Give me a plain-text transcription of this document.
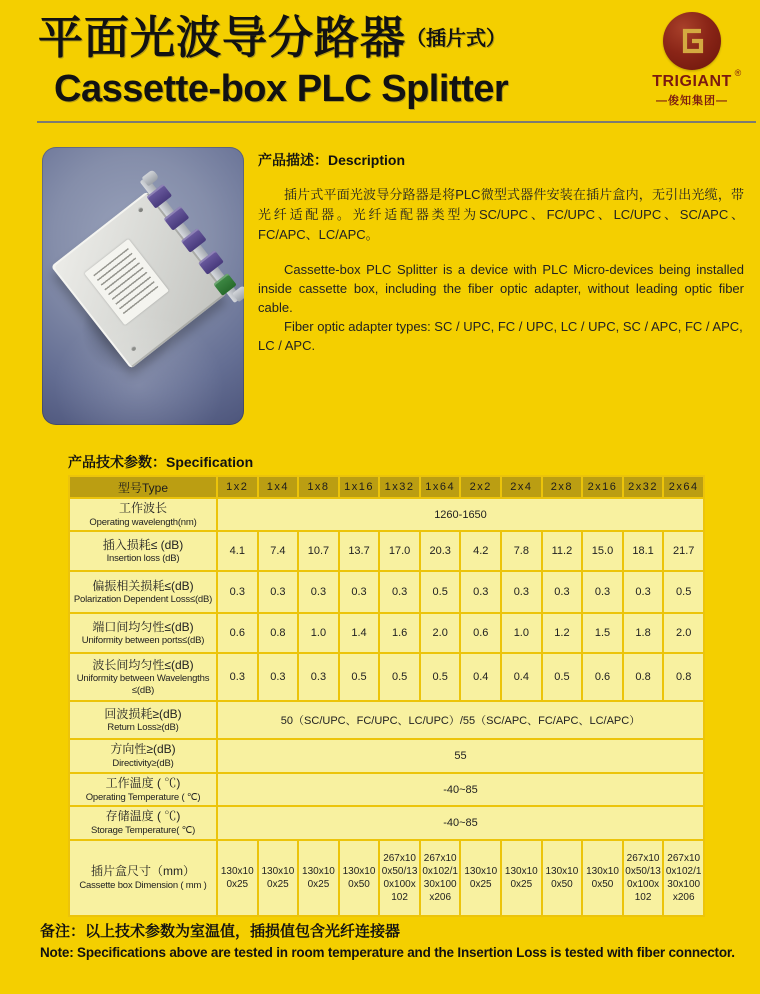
平面光波导分路器（插片式）
Cassette-box PLC Splitter	TRIGIANT ®
—俊知集团—
产品描述：Description

插片式平面光波导分路器是将PLC微型式器件安装在插片盒内，无引出光缆，带光纤适配器。光纤适配器类型为SC/UPC、FC/UPC、LC/UPC、SC/APC、FC/APC、LC/APC。

Cassette-box PLC Splitter is a device with PLC Micro-devices being installed inside cassette box, including the fiber optic adapter, without leading optic fiber cable.

Fiber optic adapter types: SC / UPC, FC / UPC, LC / UPC, SC / APC, FC / APC, LC / APC.

产品技术参数：Specification
型号Type	1x2	1x4	1x8	1x16	1x32	1x64	2x2	2x4	2x8	2x16	2x32	2x64

工作波长
Operating wavelength(nm)	1260-1650											

插入损耗≤ (dB)
Insertion loss (dB)	4.1	7.4	10.7	13.7	17.0	20.3	4.2	7.8	11.2	15.0	18.1	21.7

偏振相关损耗≤(dB)
Polarization Dependent Loss≤(dB)	0.3	0.3	0.3	0.3	0.3	0.5	0.3	0.3	0.3	0.3	0.3	0.5

端口间均匀性≤(dB)
Uniformity between ports≤(dB)	0.6	0.8	1.0	1.4	1.6	2.0	0.6	1.0	1.2	1.5	1.8	2.0

波长间均匀性≤(dB)
Uniformity between Wavelengths ≤(dB)	0.3	0.3	0.3	0.5	0.5	0.5	0.4	0.4	0.5	0.6	0.8	0.8

回波损耗≥(dB)
Return Loss≥(dB)	50（SC/UPC、FC/UPC、LC/UPC）/55（SC/APC、FC/APC、LC/APC）											

方向性≥(dB)
Directivity≥(dB)	55											

工作温度 ( ℃)
Operating Temperature ( ℃)	-40~85											

存储温度 ( ℃)
Storage Temperature( ℃)	-40~85											

插片盒尺寸（mm）
Cassette box Dimension ( mm )	130x100x25	130x100x25	130x100x25	130x100x50	267x100x50/130x100x102	267x100x102/130x100x206	130x100x25	130x100x25	130x100x50	130x100x50	267x100x50/130x100x102	267x100x102/130x100x206
备注：以上技术参数为室温值，插损值包含光纤连接器
Note: Specifications above are tested in room temperature and the Insertion Loss is tested with fiber connector.
